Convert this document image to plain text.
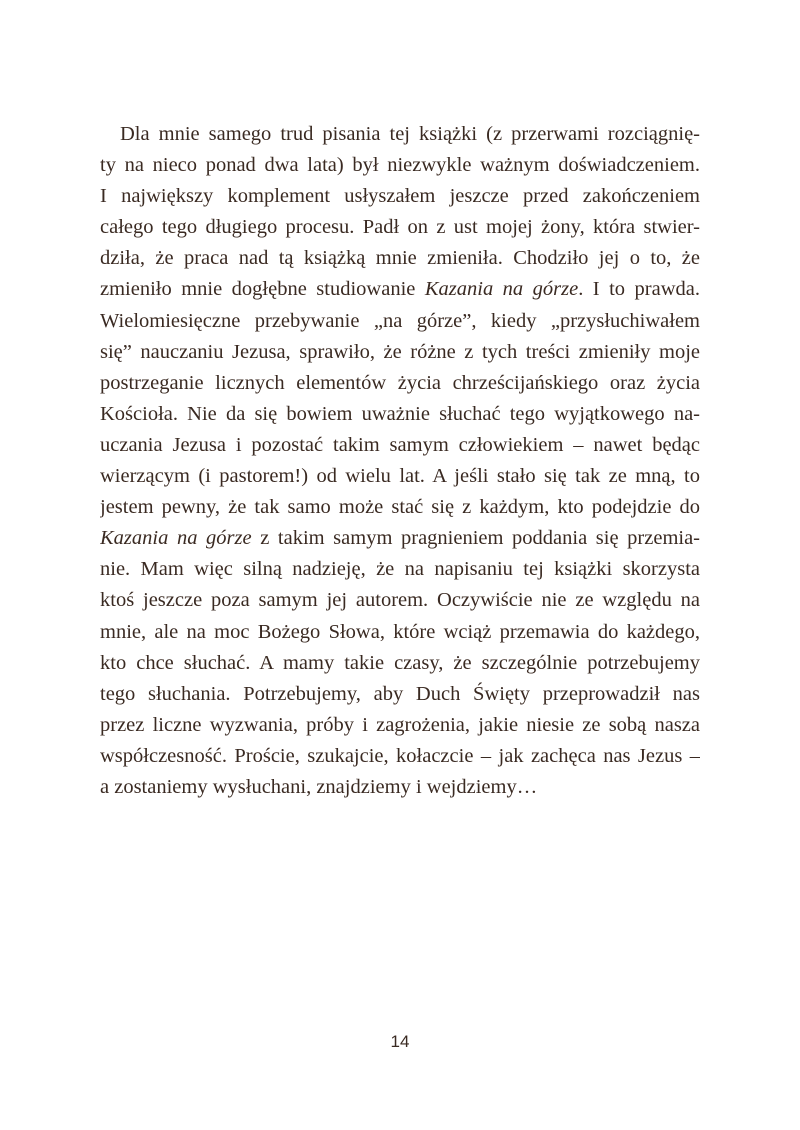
Dla mnie samego trud pisania tej książki (z przerwami rozciągnię-
ty na nieco ponad dwa lata) był niezwykle ważnym doświadczeniem.
I największy komplement usłyszałem jeszcze przed zakończeniem
całego tego długiego procesu. Padł on z ust mojej żony, która stwier-
dziła, że praca nad tą książką mnie zmieniła. Chodziło jej o to, że
zmieniło mnie dogłębne studiowanie Kazania na górze. I to prawda.
Wielomiesięczne przebywanie „na górze”, kiedy „przysłuchiwałem
się” nauczaniu Jezusa, sprawiło, że różne z tych treści zmieniły moje
postrzeganie licznych elementów życia chrześcijańskiego oraz życia
Kościoła. Nie da się bowiem uważnie słuchać tego wyjątkowego na-
uczania Jezusa i pozostać takim samym człowiekiem – nawet będąc
wierzącym (i pastorem!) od wielu lat. A jeśli stało się tak ze mną, to
jestem pewny, że tak samo może stać się z każdym, kto podejdzie do
Kazania na górze z takim samym pragnieniem poddania się przemia-
nie. Mam więc silną nadzieję, że na napisaniu tej książki skorzysta
ktoś jeszcze poza samym jej autorem. Oczywiście nie ze względu na
mnie, ale na moc Bożego Słowa, które wciąż przemawia do każdego,
kto chce słuchać. A mamy takie czasy, że szczególnie potrzebujemy
tego słuchania. Potrzebujemy, aby Duch Święty przeprowadził nas
przez liczne wyzwania, próby i zagrożenia, jakie niesie ze sobą nasza
współczesność. Proście, szukajcie, kołaczcie – jak zachęca nas Jezus –
a zostaniemy wysłuchani, znajdziemy i wejdziemy…
14
